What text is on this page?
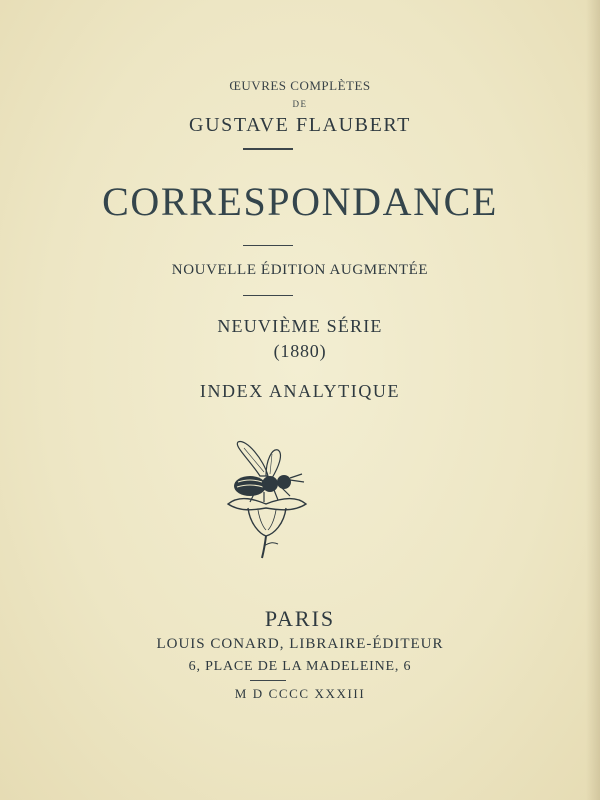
ŒUVRES COMPLÈTES
DE
GUSTAVE FLAUBERT
CORRESPONDANCE
NOUVELLE ÉDITION AUGMENTÉE
NEUVIÈME SÉRIE
(1880)
INDEX ANALYTIQUE
PARIS
LOUIS CONARD, LIBRAIRE-ÉDITEUR
6, PLACE DE LA MADELEINE, 6
M D CCCC XXXIII
